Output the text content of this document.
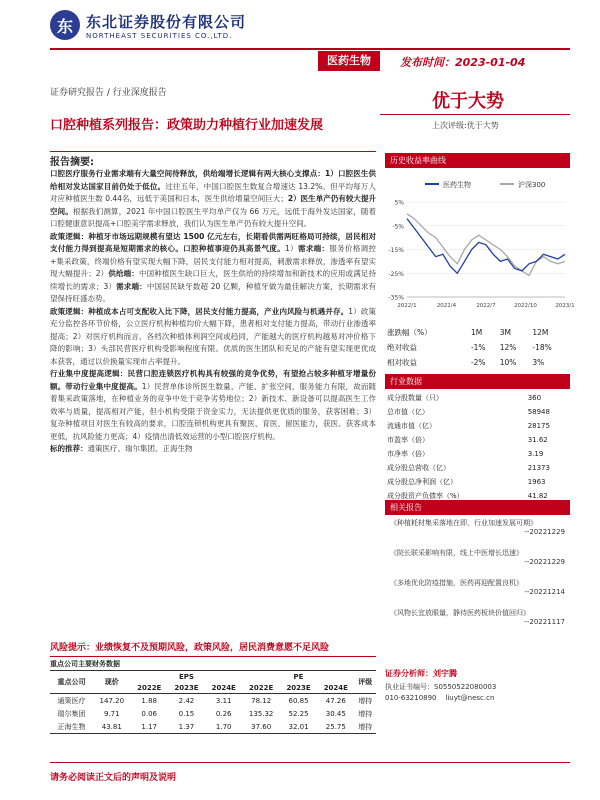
东 东北证券股份有限公司
NORTHEAST SECURITIES CO.,LTD.
医药生物	发布时间：2023-01-04
证券研究报告 / 行业深度报告	优于大势
上次评级:优于大势
口腔种植系列报告：政策助力种植行业加速发展
报告摘要:

口腔医疗服务行业需求端有大量空间待释放，供给端增长逻辑有两大核心支撑点：1）口腔医生供给相对发达国家目前仍处于低位。过往五年，中国口腔医生数复合增速达 13.2%。但平均每万人对应种植医生数 0.44名，远低于美国和日本，医生供给增量空间巨大；2）医生单产仍有较大提升空间。根据我们测算，2021 年中国口腔医生平均单产仅为 66 万元，远低于海外发达国家，随着口腔健康意识提高+口腔美学需求释放，我们认为医生单产仍有较大提升空间。

政策逻辑：种植牙市场远期规模有望达 1500 亿元左右，长期看供需两旺格局可持续，居民相对支付能力得到提高是短期需求的核心。口腔种植事迎仍具高景气度。1）需求端：服务价格调控+集采政策，终端价格有望实现大幅下降，居民支付能力相对提高，刺激需求释放，渗透率有望实现大幅提升；2）供给端：中国种植医生缺口巨大，医生供给的持续增加和新技术的应用或满足持续增长的需求；3）需求端：中国居民缺牙数超 20 亿颗，种植牙做为最佳解决方案，长期需求有望保持旺盛态势。

政策逻辑：种植成本占可支配收入比下降，居民支付能力提高，产业内风险与机遇并存。1）政策充分监控各环节价格，公立医疗机构种植均价大幅下降，患者相对支付能力提高，带动行业渗透率提高；2）对医疗机构而言，各档次种植体利润空间或趋同，产能越大的医疗机构越易对冲价格下降的影响；3）头部民营医疗机构受影响程度有限。优质的医生团队和充足的产能有望实现更优成本获客，通过以价换量实现市占率提升。

行业集中度提高逻辑：民营口腔连锁医疗机构具有较强的竞争优势，有望抢占较多种植牙增量份额。带动行业集中度提高。1）民营单体诊所医生数量、产能、扩张空间，服务能力有限，故而随着集采政策落地，在种植业务的竞争中处于竞争劣势地位；2）新技术、新设备可以提高医生工作效率与质量，提高相对产能，但小机构受限于资金实力，无法提供更优质的服务，获客困难；3）复杂种植项目对医生有较高的要求，口腔连锁机构更具有聚医、育医、留医能力，获医、获客成本更低，抗风险能力更高；4）疫情出清低效运营的小型口腔医疗机构。

标的推荐：通策医疗、瑞尔集团、正海生物

历史收益率曲线
医药生物	沪深300
5%
-5%
-15%
-25%
-35%
2022/1	2022/4	2022/7	2022/10	2023/1
涨跌幅（%）	1M	3M	12M
绝对收益	-1%	12%	-18%
相对收益	-2%	10%	3%
行业数据
成分股数量（只）	360
总市值（亿）	58948
流通市值（亿）	28175
市盈率（倍）	31.62
市净率（倍）	3.19
成分股总营收（亿）	21373
成分股总净利润（亿）	1963
成分股资产负债率（%）	41.82
相关报告
《种植耗材集采落地在即，行业加速发展可期》
--20221229
《院长联采影响有限，线上中医增长迅速》
--20221229
《多地优化防疫措施，医药再迎配置良机》
--20221214
《风物长宜放眼量，静待医药板块价值回归》
--20221117
风险提示：业绩恢复不及预期风险，政策风险，居民消费意愿不足风险
重点公司主要财务数据
重点公司	现价	EPS			PE			评级
		2022E	2023E	2024E	2022E	2023E	2024E	
通策医疗	147.20	1.88	2.42	3.11	78.12	60.85	47.26	增持
瑞尔集团	9.71	0.06	0.15	0.26	135.32	52.25	30.45	增持
正海生物	43.81	1.17	1.37	1.70	37.60	32.01	25.75	增持
证券分析师：刘宇腾
执业证书编号：S0550522080003
010-63210890 liuyt@nesc.cn
请务必阅读正文后的声明及说明
